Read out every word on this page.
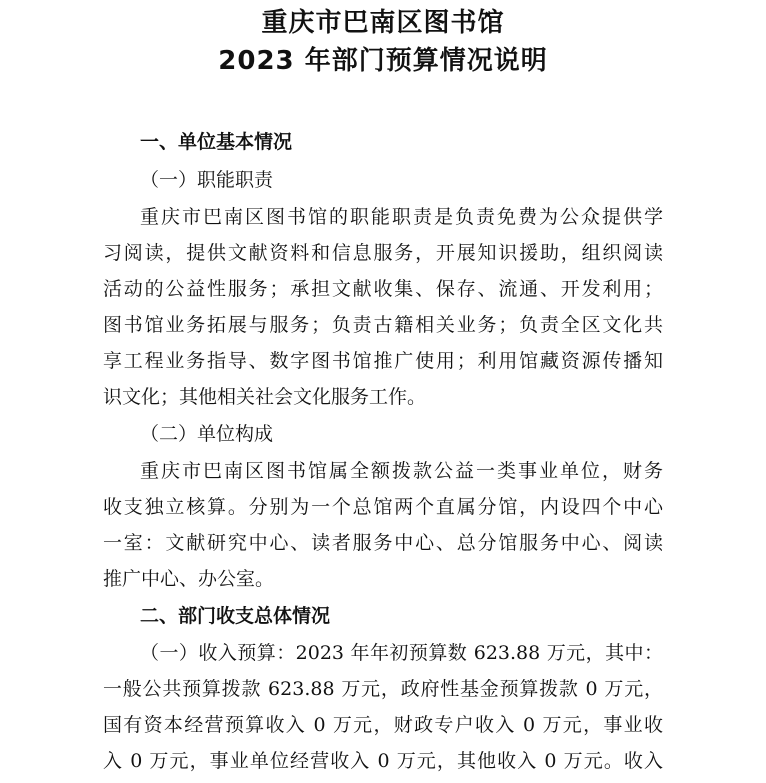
重庆市巴南区图书馆
2023 年部门预算情况说明
一、单位基本情况
（一）职能职责
重庆市巴南区图书馆的职能职责是负责免费为公众提供学
习阅读，提供文献资料和信息服务，开展知识援助，组织阅读
活动的公益性服务；承担文献收集、保存、流通、开发利用；
图书馆业务拓展与服务；负责古籍相关业务；负责全区文化共
享工程业务指导、数字图书馆推广使用；利用馆藏资源传播知
识文化；其他相关社会文化服务工作。
（二）单位构成
重庆市巴南区图书馆属全额拨款公益一类事业单位，财务
收支独立核算。分别为一个总馆两个直属分馆，内设四个中心
一室：文献研究中心、读者服务中心、总分馆服务中心、阅读
推广中心、办公室。
二、部门收支总体情况
（一）收入预算：2023 年年初预算数 623.88 万元，其中：
一般公共预算拨款 623.88 万元，政府性基金预算拨款 0 万元，
国有资本经营预算收入 0 万元，财政专户收入 0 万元，事业收
入 0 万元，事业单位经营收入 0 万元，其他收入 0 万元。收入
